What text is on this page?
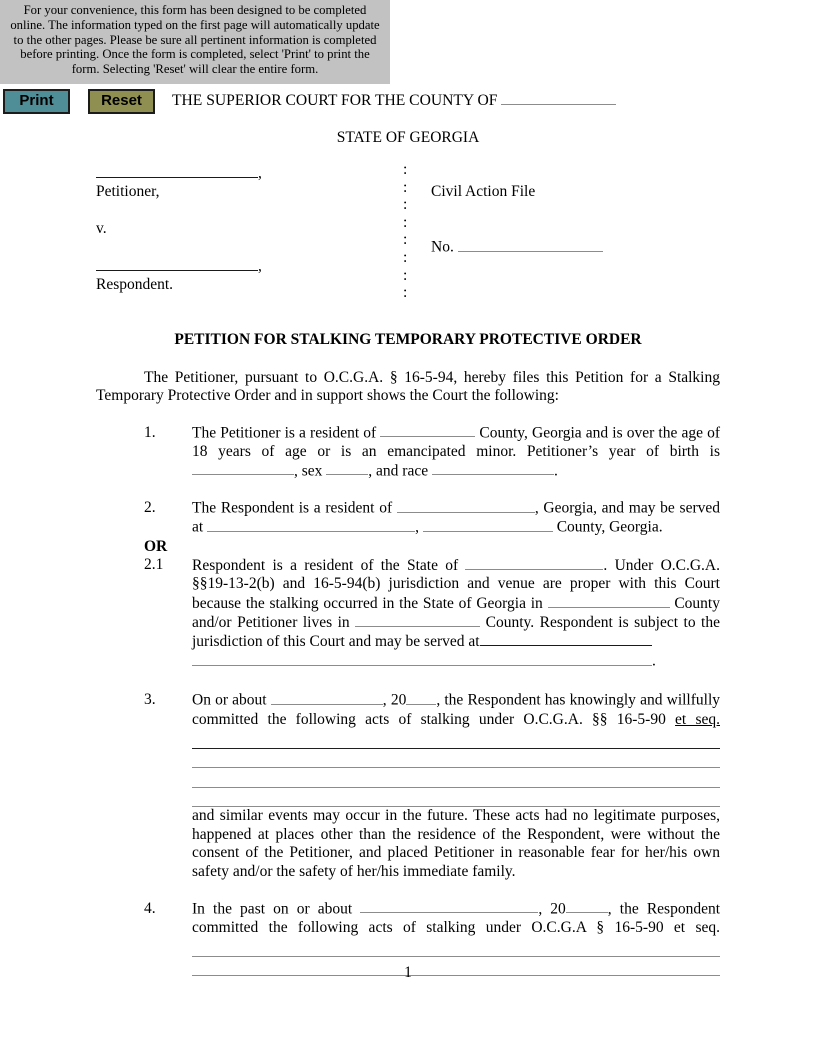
For your convenience, this form has been designed to be completed online. The information typed on the first page will automatically update to the other pages. Please be sure all pertinent information is completed before printing. Once the form is completed, select 'Print' to print the form. Selecting 'Reset' will clear the entire form.
Print	Reset	THE SUPERIOR COURT FOR THE COUNTY OF
STATE OF GEORGIA
,
Petitioner,
v.
,
Respondent.
:
:
:
:
:
:
:
:
Civil Action File
No.
PETITION FOR STALKING TEMPORARY PROTECTIVE ORDER
The Petitioner, pursuant to O.C.G.A. § 16-5-94, hereby files this Petition for a Stalking Temporary Protective Order and in support shows the Court the following:
1.	The Petitioner is a resident of	County, Georgia and is over the age of 18 years of age or is an emancipated minor. Petitioner’s year of birth is , sex	, and race	.
2.	The Respondent is a resident of	, Georgia, and may be served at	,	County, Georgia.
OR
2.1	Respondent is a resident of the State of	. Under O.C.G.A. §§19-13-2(b) and 16-5-94(b) jurisdiction and venue are proper with this Court because the stalking occurred in the State of Georgia in	County and/or Petitioner lives in	County. Respondent is subject to the jurisdiction of this Court and may be served at
.
3.	On or about	, 20 , the Respondent has knowingly and willfully committed the following acts of stalking under O.C.G.A. §§ 16-5-90 et seq.
and similar events may occur in the future. These acts had no legitimate purposes, happened at places other than the residence of the Respondent, were without the consent of the Petitioner, and placed Petitioner in reasonable fear for her/his own safety and/or the safety of her/his immediate family.
4.	In the past on or about	, 20	, the Respondent committed the following acts of stalking under O.C.G.A § 16-5-90 et seq.
1
